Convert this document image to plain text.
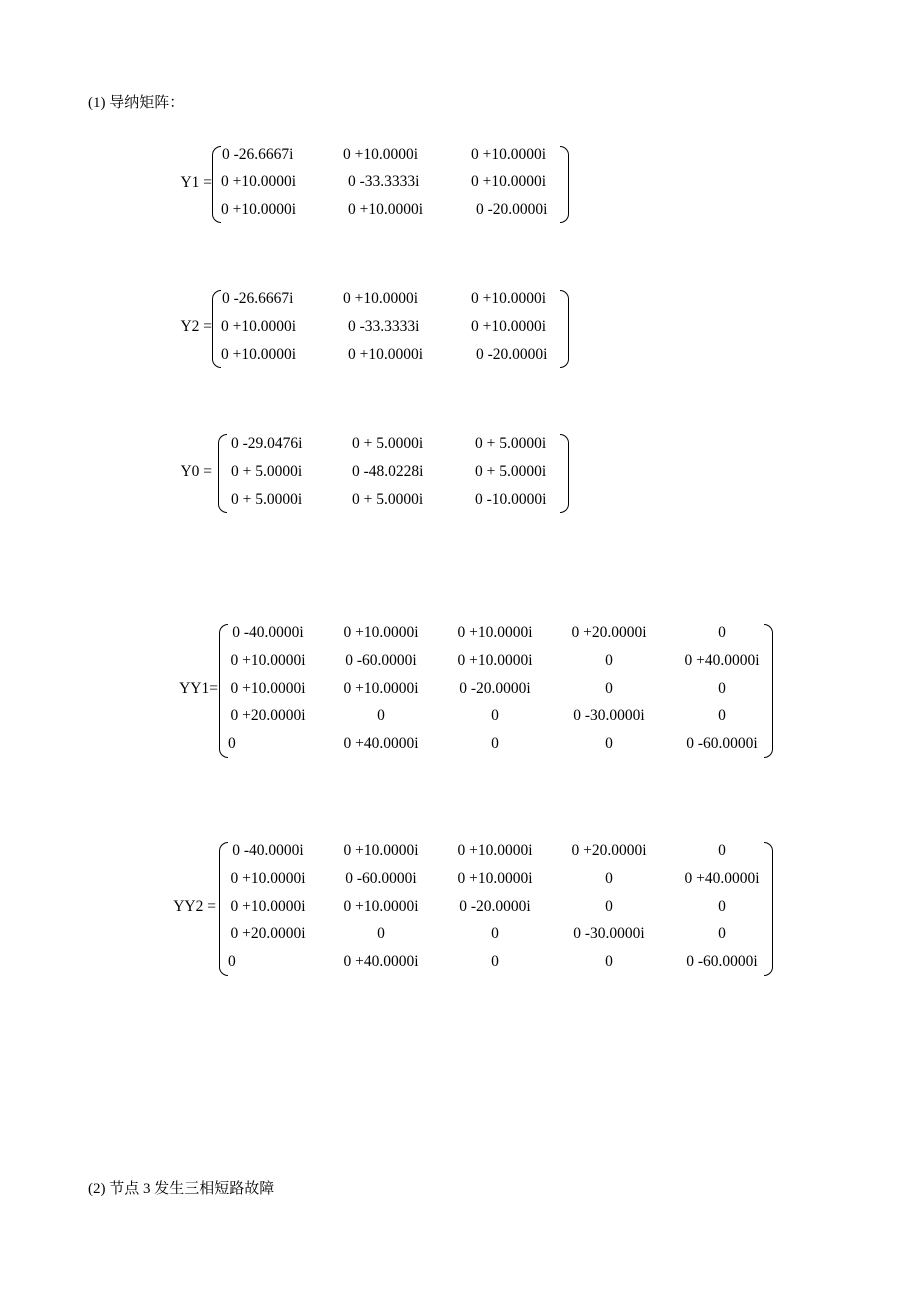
(1) 导纳矩阵：
Y1 =
0 -26.6667i	0 +10.0000i	0 +10.0000i
0 +10.0000i	0 -33.3333i	0 +10.0000i
0 +10.0000i	0 +10.0000i	0 -20.0000i
Y2 =
0 -26.6667i	0 +10.0000i	0 +10.0000i
0 +10.0000i	0 -33.3333i	0 +10.0000i
0 +10.0000i	0 +10.0000i	0 -20.0000i
Y0 =
0 -29.0476i	0 + 5.0000i	0 + 5.0000i
0 + 5.0000i	0 -48.0228i	0 + 5.0000i
0 + 5.0000i	0 + 5.0000i	0 -10.0000i
YY1=
0 -40.0000i	0 +10.0000i	0 +10.0000i	0 +20.0000i	0
0 +10.0000i	0 -60.0000i	0 +10.0000i	0	0 +40.0000i
0 +10.0000i	0 +10.0000i	0 -20.0000i	0	0
0 +20.0000i	0	0	0 -30.0000i	0
0	0 +40.0000i	0	0	0 -60.0000i
YY2 =
0 -40.0000i	0 +10.0000i	0 +10.0000i	0 +20.0000i	0
0 +10.0000i	0 -60.0000i	0 +10.0000i	0	0 +40.0000i
0 +10.0000i	0 +10.0000i	0 -20.0000i	0	0
0 +20.0000i	0	0	0 -30.0000i	0
0	0 +40.0000i	0	0	0 -60.0000i
(2) 节点 3 发生三相短路故障
